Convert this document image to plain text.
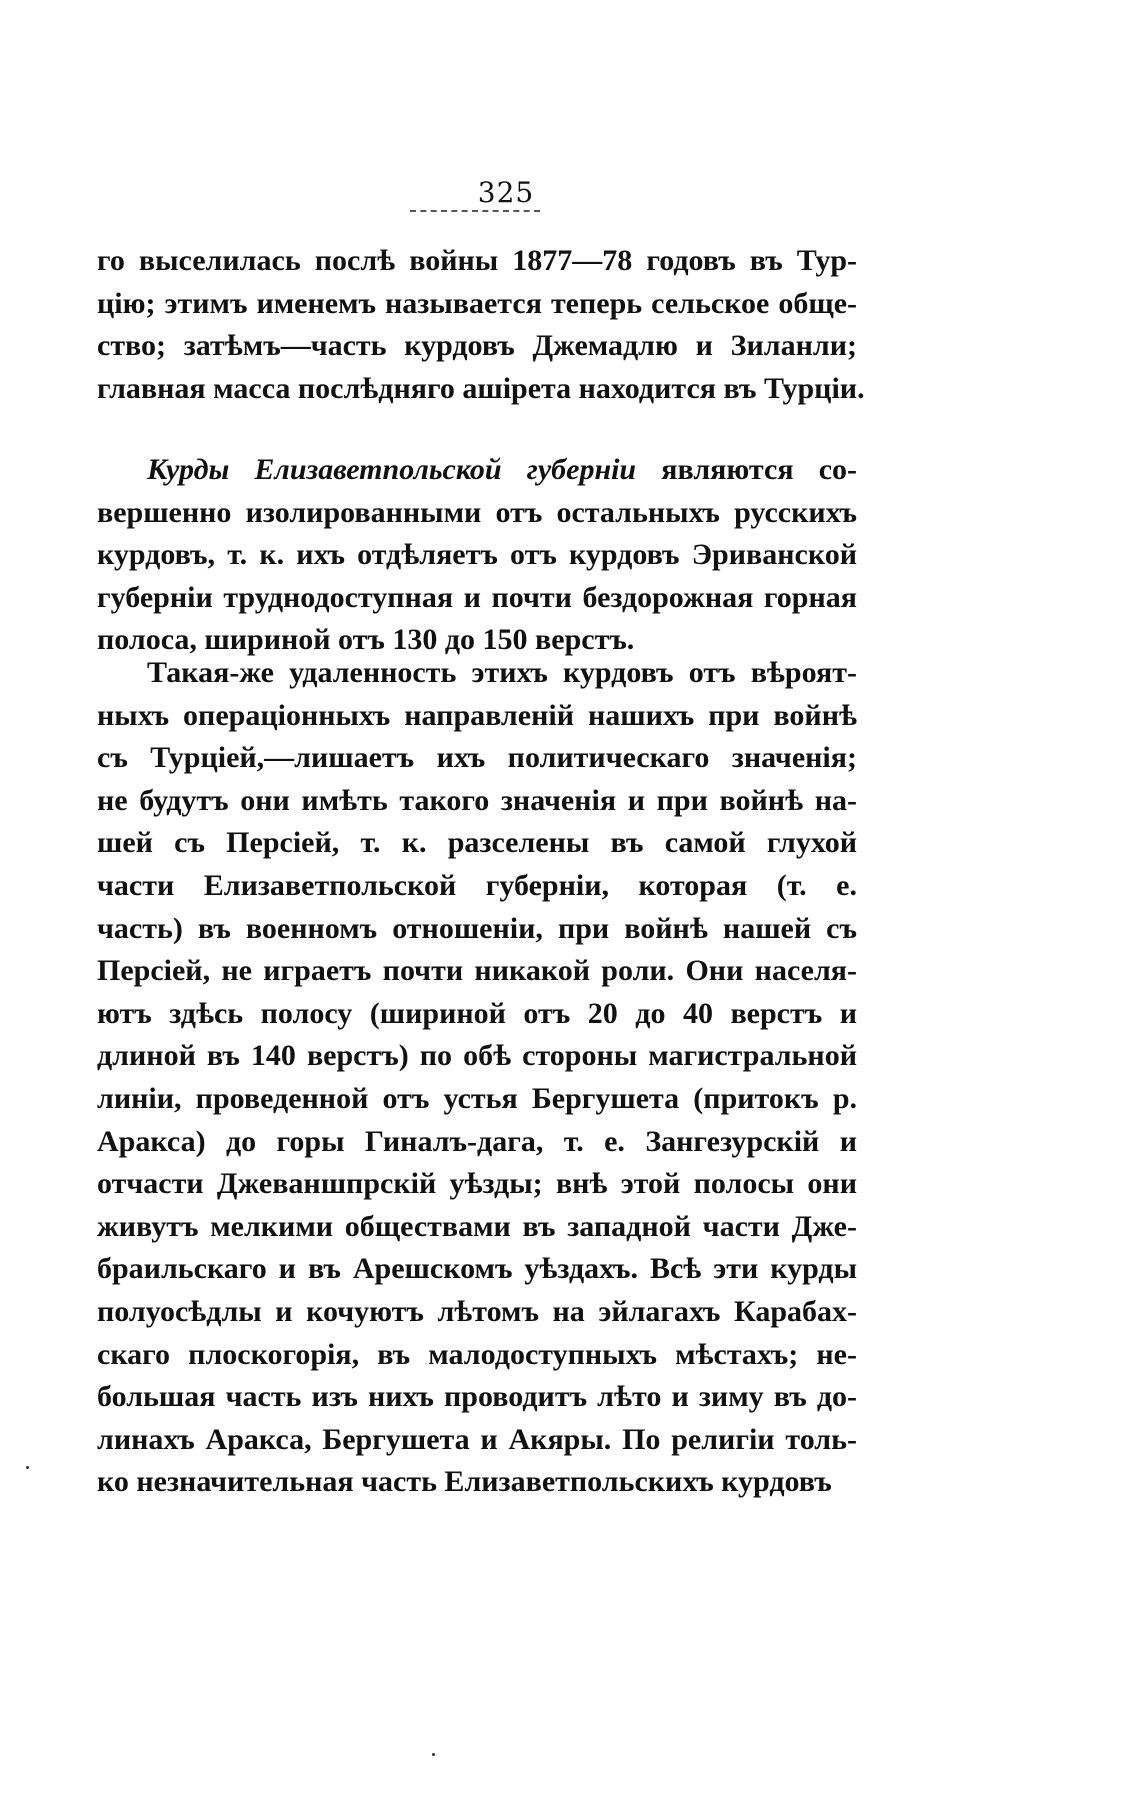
325
го выселилась послѣ войны 1877—78 годовъ въ Тур-
цію; этимъ именемъ называется теперь сельское обще-
ство; затѣмъ—часть курдовъ Джемадлю и Зиланли;
главная масса послѣдняго ашірета находится въ Турціи.
Курды Елизаветпольской губерніи являются со-
вершенно изолированными отъ остальныхъ русскихъ
курдовъ, т. к. ихъ отдѣляетъ отъ курдовъ Эриванской
губерніи труднодоступная и почти бездорожная горная
полоса, шириной отъ 130 до 150 верстъ.
Такая-же удаленность этихъ курдовъ отъ вѣроят-
ныхъ операціонныхъ направленій нашихъ при войнѣ
съ Турціей,—лишаетъ ихъ политическаго значенія;
не будутъ они имѣть такого значенія и при войнѣ на-
шей съ Персіей, т. к. разселены въ самой глухой
части Елизаветпольской губерніи, которая (т. е.
часть) въ военномъ отношеніи, при войнѣ нашей съ
Персіей, не играетъ почти никакой роли. Они населя-
ютъ здѣсь полосу (шириной отъ 20 до 40 верстъ и
длиной въ 140 верстъ) по обѣ стороны магистральной
линіи, проведенной отъ устья Бергушета (притокъ р.
Аракса) до горы Гиналъ-дага, т. е. Зангезурскій и
отчасти Джеваншпрскій уѣзды; внѣ этой полосы они
живутъ мелкими обществами въ западной части Дже-
браильскаго и въ Арешскомъ уѣздахъ. Всѣ эти курды
полуосѣдлы и кочуютъ лѣтомъ на эйлагахъ Карабах-
скаго плоскогорія, въ малодоступныхъ мѣстахъ; не-
большая часть изъ нихъ проводитъ лѣто и зиму въ до-
линахъ Аракса, Бергушета и Акяры. По религіи толь-
ко незначительная часть Елизаветпольскихъ курдовъ
